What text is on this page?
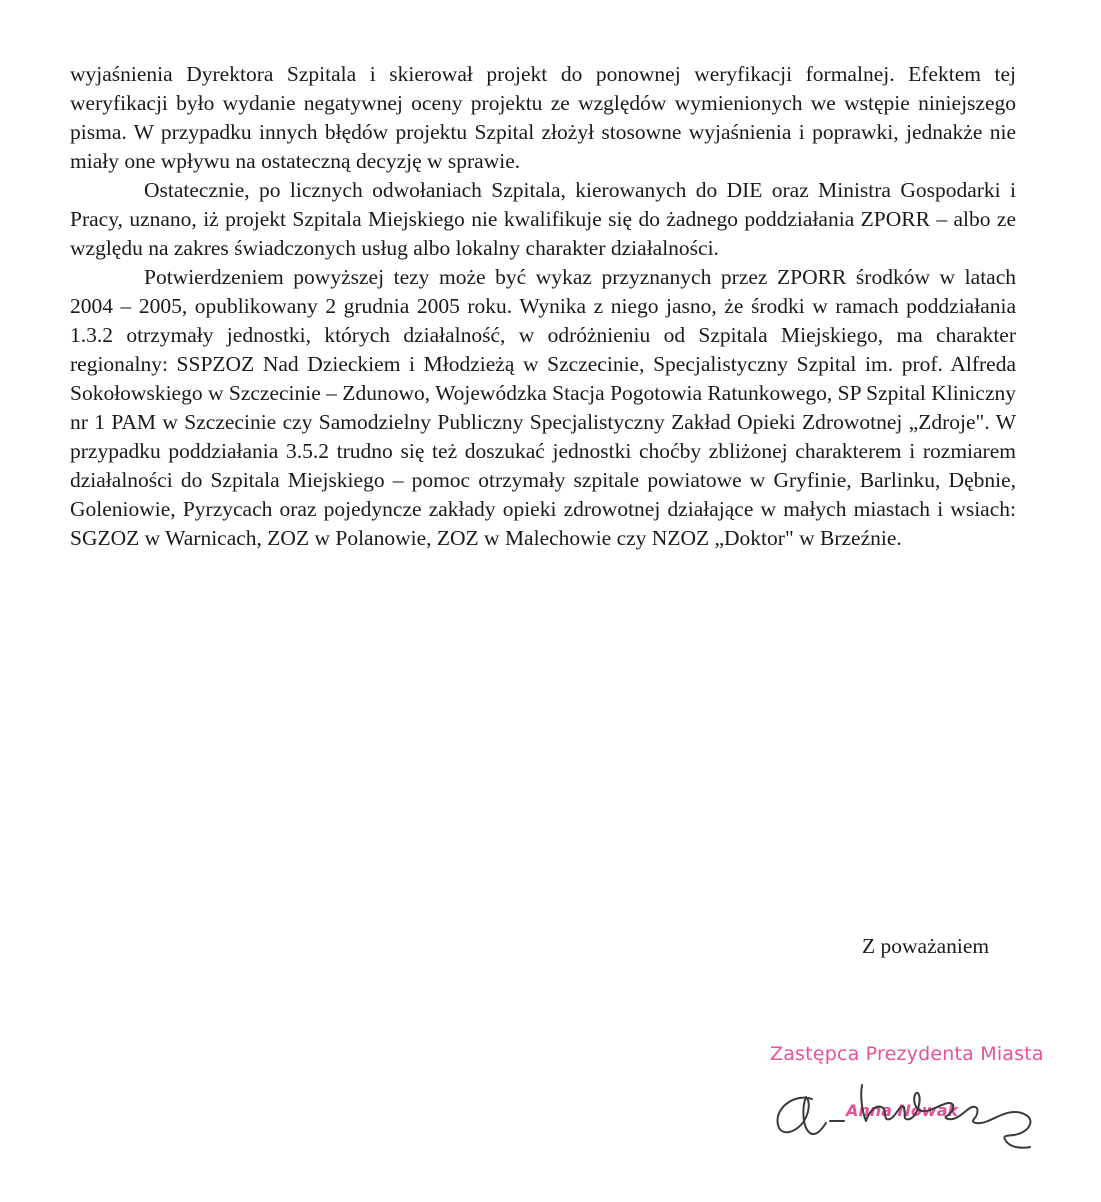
wyjaśnienia Dyrektora Szpitala i skierował projekt do ponownej weryfikacji formalnej. Efektem tej weryfikacji było wydanie negatywnej oceny projektu ze względów wymienionych we wstępie niniejszego pisma. W przypadku innych błędów projektu Szpital złożył stosowne wyjaśnienia i poprawki, jednakże nie miały one wpływu na ostateczną decyzję w sprawie.

Ostatecznie, po licznych odwołaniach Szpitala, kierowanych do DIE oraz Ministra Gospodarki i Pracy, uznano, iż projekt Szpitala Miejskiego nie kwalifikuje się do żadnego poddziałania ZPORR – albo ze względu na zakres świadczonych usług albo lokalny charakter działalności.

Potwierdzeniem powyższej tezy może być wykaz przyznanych przez ZPORR środków w latach 2004 – 2005, opublikowany 2 grudnia 2005 roku. Wynika z niego jasno, że środki w ramach poddziałania 1.3.2 otrzymały jednostki, których działalność, w odróżnieniu od Szpitala Miejskiego, ma charakter regionalny: SSPZOZ Nad Dzieckiem i Młodzieżą w Szczecinie, Specjalistyczny Szpital im. prof. Alfreda Sokołowskiego w Szczecinie – Zdunowo, Wojewódzka Stacja Pogotowia Ratunkowego, SP Szpital Kliniczny nr 1 PAM w Szczecinie czy Samodzielny Publiczny Specjalistyczny Zakład Opieki Zdrowotnej „Zdroje". W przypadku poddziałania 3.5.2 trudno się też doszukać jednostki choćby zbliżonej charakterem i rozmiarem działalności do Szpitala Miejskiego – pomoc otrzymały szpitale powiatowe w Gryfinie, Barlinku, Dębnie, Goleniowie, Pyrzycach oraz pojedyncze zakłady opieki zdrowotnej działające w małych miastach i wsiach: SGZOZ w Warnicach, ZOZ w Polanowie, ZOZ w Malechowie czy NZOZ „Doktor" w Brzeźnie.

Z poważaniem
Zastępca Prezydenta Miasta
Anna Nowak
